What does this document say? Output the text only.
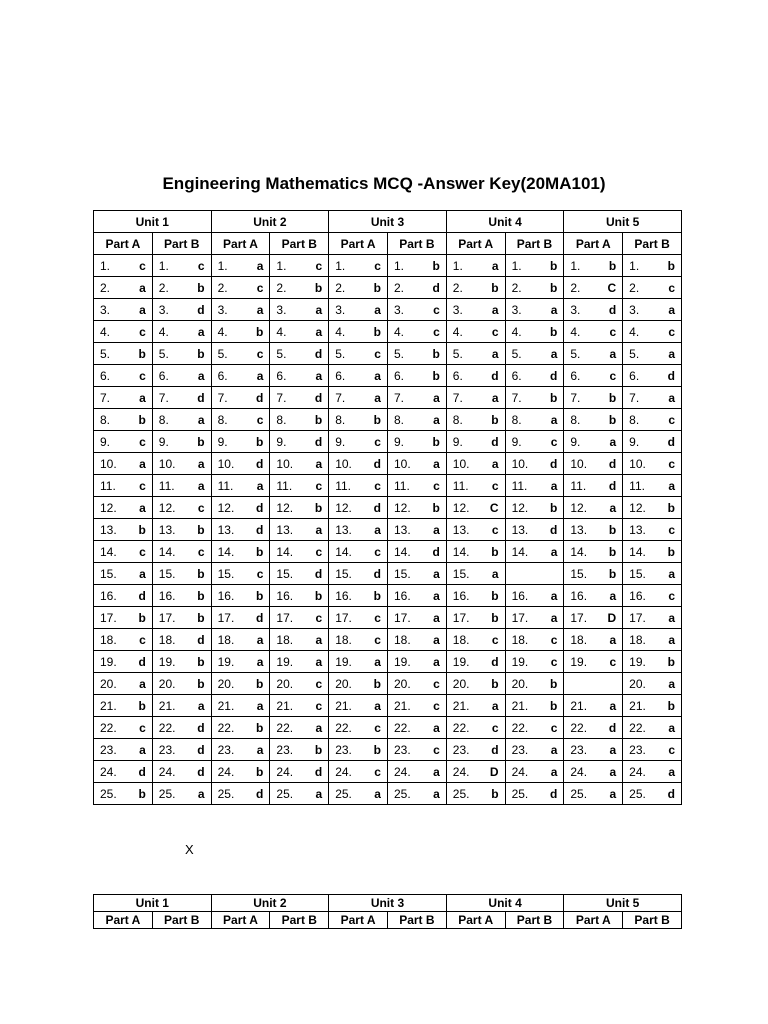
Engineering Mathematics MCQ -Answer Key(20MA101)
Unit 1		Unit 2		Unit 3		Unit 4		Unit 5	
Part A	Part B	Part A	Part B	Part A	Part B	Part A	Part B	Part A	Part B

1. c	1. c	1. a	1. c	1. c	1. b	1. a	1. b	1. b	1. b

2. a	2. b	2. c	2. b	2. b	2. d	2. b	2. b	2. C	2. c

3. a	3. d	3. a	3. a	3. a	3. c	3. a	3. a	3. d	3. a

4. c	4. a	4. b	4. a	4. b	4. c	4. c	4. b	4. c	4. c

5. b	5. b	5. c	5. d	5. c	5. b	5. a	5. a	5. a	5. a

6. c	6. a	6. a	6. a	6. a	6. b	6. d	6. d	6. c	6. d

7. a	7. d	7. d	7. d	7. a	7. a	7. a	7. b	7. b	7. a

8. b	8. a	8. c	8. b	8. b	8. a	8. b	8. a	8. b	8. c

9. c	9. b	9. b	9. d	9. c	9. b	9. d	9. c	9. a	9. d

10. a	10. a	10. d	10. a	10. d	10. a	10. a	10. d	10. d	10. c

11. c	11. a	11. a	11. c	11. c	11. c	11. c	11. a	11. d	11. a

12. a	12. c	12. d	12. b	12. d	12. b	12. C	12. b	12. a	12. b

13. b	13. b	13. d	13. a	13. a	13. a	13. c	13. d	13. b	13. c

14. c	14. c	14. b	14. c	14. c	14. d	14. b	14. a	14. b	14. b

15. a	15. b	15. c	15. d	15. d	15. a	15. a		15. b	15. a

16. d	16. b	16. b	16. b	16. b	16. a	16. b	16. a	16. a	16. c

17. b	17. b	17. d	17. c	17. c	17. a	17. b	17. a	17. D	17. a

18. c	18. d	18. a	18. a	18. c	18. a	18. c	18. c	18. a	18. a

19. d	19. b	19. a	19. a	19. a	19. a	19. d	19. c	19. c	19. b

20. a	20. b	20. b	20. c	20. b	20. c	20. b	20. b		20. a

21. b	21. a	21. a	21. c	21. a	21. c	21. a	21. b	21. a	21. b

22. c	22. d	22. b	22. a	22. c	22. a	22. c	22. c	22. d	22. a

23. a	23. d	23. a	23. b	23. b	23. c	23. d	23. a	23. a	23. c

24. d	24. d	24. b	24. d	24. c	24. a	24. D	24. a	24. a	24. a

25. b	25. a	25. d	25. a	25. a	25. a	25. b	25. d	25. a	25. d
X
Unit 1		Unit 2		Unit 3		Unit 4		Unit 5	
Part A	Part B	Part A	Part B	Part A	Part B	Part A	Part B	Part A	Part B
